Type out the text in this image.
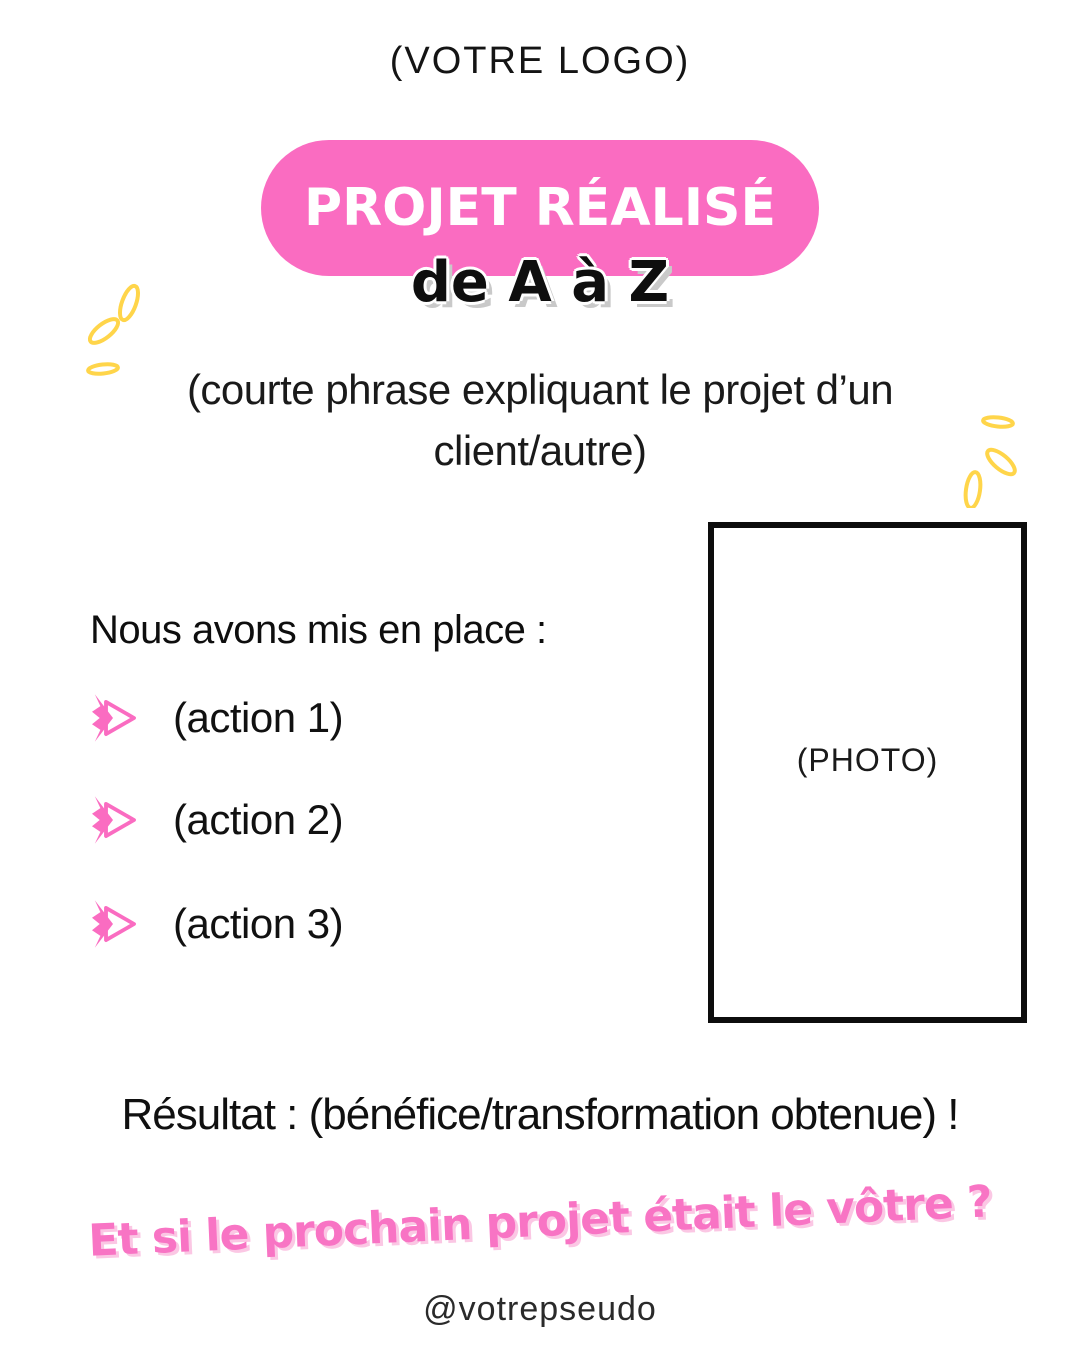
(VOTRE LOGO)
PROJET RÉALISÉ
de A à Z
(courte phrase expliquant le projet d’un client/autre)
Nous avons mis en place :
(action 1)
(action 2)
(action 3)
(PHOTO)
Résultat : (bénéfice/transformation obtenue) !
Et si le prochain projet était le vôtre ?
@votrepseudo
